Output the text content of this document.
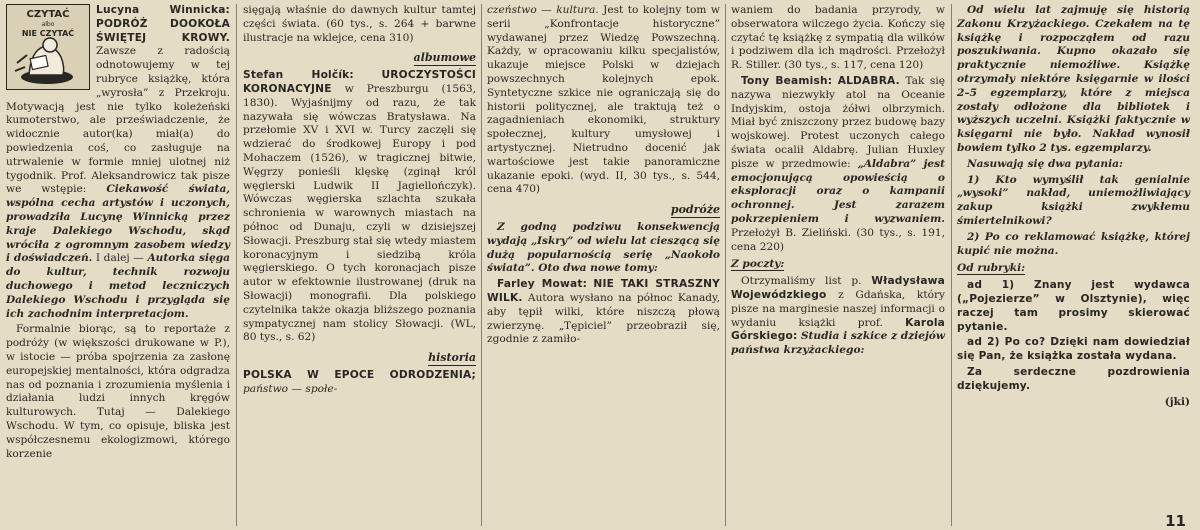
CZYTAĆ
albo
NIE CZYTAĆ

Lucyna Winnicka: PODRÓŻ DOOKOŁA ŚWIĘTEJ KROWY. Zawsze z radością odnotowujemy w tej rubryce książkę, która „wyrosła” z Przekroju. Motywacją jest nie tylko koleżeński kumoterstwo, ale przeświadczenie, że widocznie autor(ka) miał(a) do powiedzenia coś, co zasługuje na utrwalenie w formie mniej ulotnej niż tygodnik. Prof. Aleksandrowicz tak pisze we wstępie: Ciekawość świata, wspólna cecha artystów i uczonych, prowadziła Lucynę Winnicką przez kraje Dalekiego Wschodu, skąd wróciła z ogromnym zasobem wiedzy i doświadczeń. I dalej — Autorka sięga do kultur, technik rozwoju duchowego i metod leczniczych Dalekiego Wschodu i przygląda się ich zachodnim interpretacjom.

Formalnie biorąc, są to reportaże z podróży (w większości drukowane w P.), w istocie — próba spojrzenia za zasłonę europejskiej mentalności, która odgradza nas od poznania i zrozumienia myślenia i działania ludzi innych kręgów kulturowych. Tutaj — Dalekiego Wschodu. W tym, co opisuje, bliska jest współczesnemu ekologizmowi, którego korzenie

sięgają właśnie do dawnych kultur tamtej części świata. (60 tys., s. 264 + barwne ilustracje na wklejce, cena 310)

albumowe

Stefan Holčík:	UROCZYSTOŚCI KORONACYJNE w Preszburgu (1563, 1830). Wyjaśnijmy od razu, że tak nazywała się wówczas Bratysława. Na przełomie XV i XVI w. Turcy zaczęli się wdzierać do środkowej Europy i pod Mohaczem (1526), w tragicznej bitwie, Węgrzy ponieśli klęskę (zginął król węgierski Ludwik II Jagiellończyk). Wówczas węgierska szlachta szukała schronienia w warownych miastach na północ od Dunaju, czyli w dzisiejszej Słowacji. Preszburg stał się wtedy miastem koronacyjnym i siedzibą króla węgierskiego. O tych koronacjach pisze autor w efektownie ilustrowanej (druk na Słowacji) monografii. Dla polskiego czytelnika także okazja bliższego poznania sympatycznej nam stolicy Słowacji. (WL, 80 tys., s. 62)

historia

POLSKA W EPOCE ODRODZENIA; państwo — społe-

czeństwo — kultura. Jest to kolejny tom w serii „Konfrontacje historyczne” wydawanej przez Wiedzę Powszechną. Każdy, w opracowaniu kilku specjalistów, ukazuje miejsce Polski w dziejach powszechnych kolejnych epok. Syntetyczne szkice nie ograniczają się do historii politycznej, ale traktują też o zagadnieniach ekonomiki, struktury społecznej, kultury umysłowej i artystycznej. Nietrudno docenić jak wartościowe jest takie panoramiczne ukazanie epoki. (wyd. II, 30 tys., s. 544, cena 470)

podróże

Z godną podziwu konsekwencją wydają „Iskry” od wielu lat cieszącą się dużą popularnością serię „Naokoło świata”. Oto dwa nowe tomy:

Farley Mowat: NIE TAKI STRASZNY WILK. Autora wysłano na północ Kanady, aby tępił wilki, które niszczą płową zwierzynę. „Tępiciel” przeobraził się, zgodnie z zamiło-

waniem do badania przyrody, w obserwatora wilczego życia. Kończy się czytać tę książkę z sympatią dla wilków i podziwem dla ich mądrości. Przełożył R. Stiller. (30 tys., s. 117, cena 120)

Tony Beamish: ALDABRA. Tak się nazywa niezwykły atol na Oceanie Indyjskim, ostoja żółwi olbrzymich. Miał być zniszczony przez budowę bazy wojskowej. Protest uczonych całego świata ocalił Aldabrę. Julian Huxley pisze w przedmowie: „Aldabra” jest emocjonującą opowieścią o eksploracji oraz o kampanii ochronnej. Jest zarazem pokrzepieniem i wyzwaniem. Przełożył B. Zieliński. (30 tys., s. 191, cena 220)

Z poczty:

Otrzymaliśmy list p. Władysława Wojewódzkiego z Gdańska, który pisze na marginesie naszej informacji o wydaniu książki prof. Karola Górskiego: Studia i szkice z dziejów państwa krzyżackiego:

Od wielu lat zajmuję się historią Zakonu Krzyżackiego. Czekałem na tę książkę i rozpocząłem od razu poszukiwania. Kupno okazało się praktycznie niemożliwe. Książkę otrzymały niektóre księgarnie w ilości 2–5 egzemplarzy, które z miejsca zostały odłożone dla bibliotek i wyższych uczelni. Książki faktycznie w księgarni nie było. Nakład wynosił bowiem tylko 2 tys. egzemplarzy.

Nasuwają się dwa pytania:

1) Kto wymyślił tak genialnie „wysoki” nakład, uniemożliwiający zakup książki zwykłemu śmiertelnikowi?

2) Po co reklamować książkę, której kupić nie można.

Od rubryki:

ad 1) Znany jest wydawca („Pojezierze” w Olsztynie), więc raczej tam prosimy skierować pytanie.

ad 2) Po co? Dzięki nam dowiedział się Pan, że książka została wydana.

Za serdeczne pozdrowienia dziękujemy.

(jki)

11
